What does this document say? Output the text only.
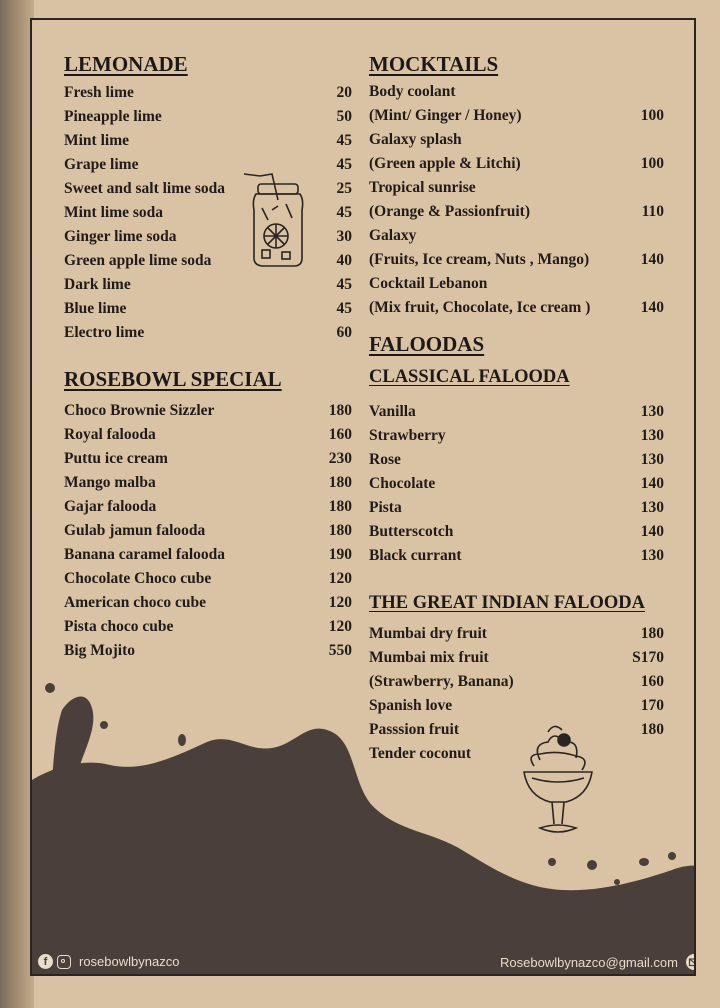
LEMONADE
Fresh lime	20
Pineapple lime	50
Mint lime	45
Grape lime	45
Sweet and salt lime soda	25
Mint lime soda	45
Ginger lime soda	30
Green apple lime soda	40
Dark lime	45
Blue lime	45
Electro lime	60
ROSEBOWL SPECIAL
Choco Brownie Sizzler	180
Royal falooda	160
Puttu ice cream	230
Mango malba	180
Gajar falooda	180
Gulab jamun falooda	180
Banana caramel falooda	190
Chocolate Choco cube	120
American choco cube	120
Pista choco cube	120
Big Mojito	550
MOCKTAILS
Body coolant
(Mint/ Ginger / Honey)	100
Galaxy splash
(Green apple & Litchi)	100
Tropical sunrise
(Orange & Passionfruit)	110
Galaxy
(Fruits, Ice cream, Nuts , Mango)	140
Cocktail Lebanon
(Mix fruit, Chocolate, Ice cream )	140
FALOODAS
CLASSICAL FALOODA
Vanilla	130
Strawberry	130
Rose	130
Chocolate	140
Pista	130
Butterscotch	140
Black currant	130
THE GREAT INDIAN FALOODA
Mumbai dry fruit	180
Mumbai mix fruit	S170
(Strawberry, Banana)	160
Spanish love	170
Passsion fruit	180
Tender coconut
f	rosebowlbynazco	Rosebowlbynazco@gmail.com
